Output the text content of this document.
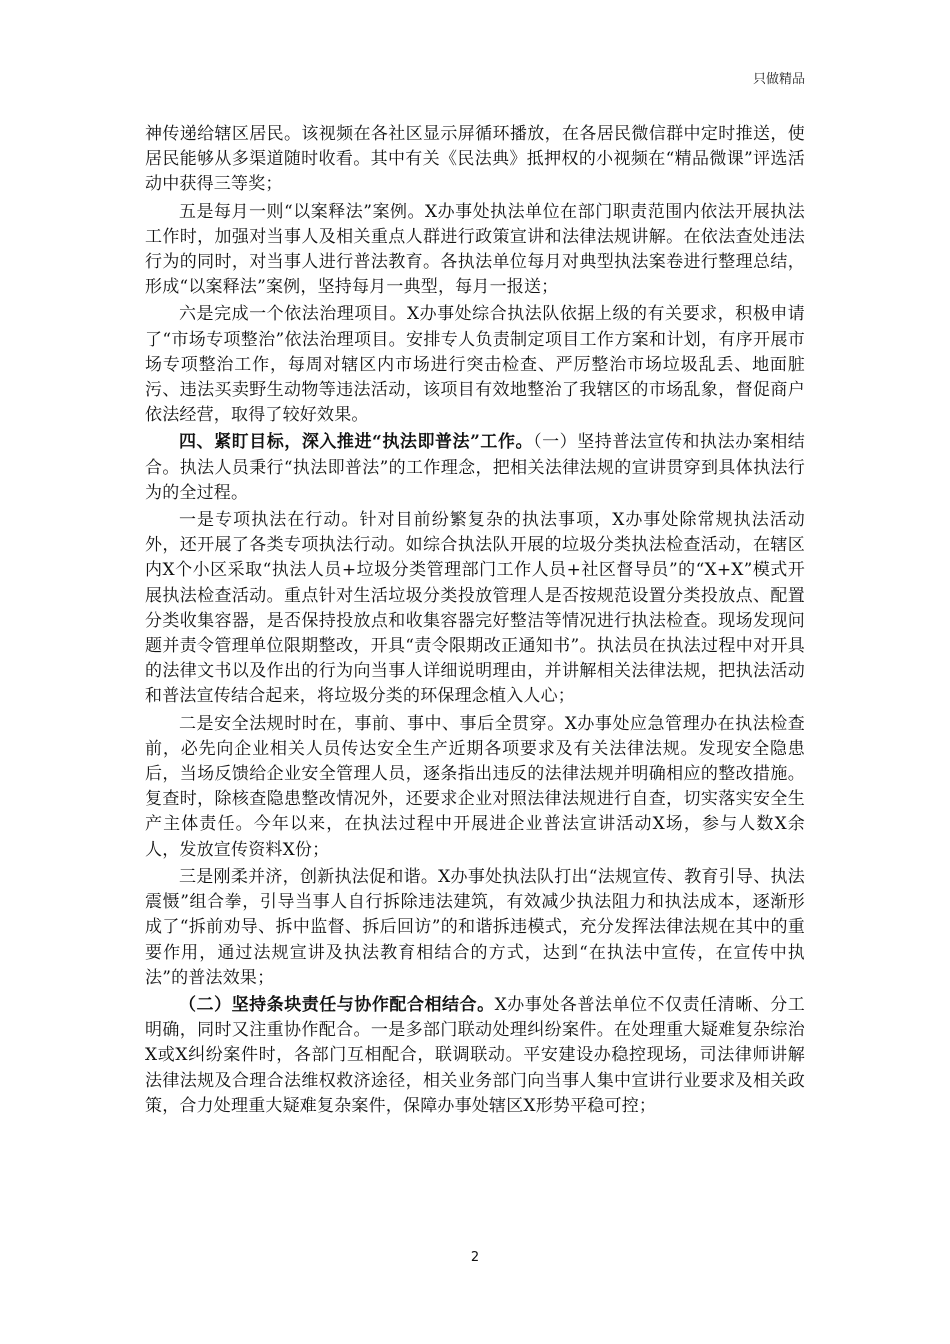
只做精品

神传递给辖区居民。该视频在各社区显示屏循环播放，在各居民微信群中定时推送，使居民能够从多渠道随时收看。其中有关《民法典》抵押权的小视频在“精品微课”评选活动中获得三等奖；

五是每月一则“以案释法”案例。X办事处执法单位在部门职责范围内依法开展执法工作时，加强对当事人及相关重点人群进行政策宣讲和法律法规讲解。在依法查处违法行为的同时，对当事人进行普法教育。各执法单位每月对典型执法案卷进行整理总结，形成“以案释法”案例，坚持每月一典型，每月一报送；

六是完成一个依法治理项目。X办事处综合执法队依据上级的有关要求，积极申请了“市场专项整治”依法治理项目。安排专人负责制定项目工作方案和计划，有序开展市场专项整治工作，每周对辖区内市场进行突击检查、严厉整治市场垃圾乱丢、地面脏污、违法买卖野生动物等违法活动，该项目有效地整治了我辖区的市场乱象，督促商户依法经营，取得了较好效果。

四、紧盯目标，深入推进“执法即普法”工作。（一）坚持普法宣传和执法办案相结合。执法人员秉行“执法即普法”的工作理念，把相关法律法规的宣讲贯穿到具体执法行为的全过程。

一是专项执法在行动。针对目前纷繁复杂的执法事项，X办事处除常规执法活动外，还开展了各类专项执法行动。如综合执法队开展的垃圾分类执法检查活动，在辖区内X个小区采取“执法人员+垃圾分类管理部门工作人员+社区督导员”的“X+X”模式开展执法检查活动。重点针对生活垃圾分类投放管理人是否按规范设置分类投放点、配置分类收集容器，是否保持投放点和收集容器完好整洁等情况进行执法检查。现场发现问题并责令管理单位限期整改，开具“责令限期改正通知书”。执法员在执法过程中对开具的法律文书以及作出的行为向当事人详细说明理由，并讲解相关法律法规，把执法活动和普法宣传结合起来，将垃圾分类的环保理念植入人心；

二是安全法规时时在，事前、事中、事后全贯穿。X办事处应急管理办在执法检查前，必先向企业相关人员传达安全生产近期各项要求及有关法律法规。发现安全隐患后，当场反馈给企业安全管理人员，逐条指出违反的法律法规并明确相应的整改措施。复查时，除核查隐患整改情况外，还要求企业对照法律法规进行自查，切实落实安全生产主体责任。今年以来，在执法过程中开展进企业普法宣讲活动X场，参与人数X余人，发放宣传资料X份；

三是刚柔并济，创新执法促和谐。X办事处执法队打出“法规宣传、教育引导、执法震慑”组合拳，引导当事人自行拆除违法建筑，有效减少执法阻力和执法成本，逐渐形成了“拆前劝导、拆中监督、拆后回访”的和谐拆违模式，充分发挥法律法规在其中的重要作用，通过法规宣讲及执法教育相结合的方式，达到“在执法中宣传，在宣传中执法”的普法效果；

（二）坚持条块责任与协作配合相结合。X办事处各普法单位不仅责任清晰、分工明确，同时又注重协作配合。一是多部门联动处理纠纷案件。在处理重大疑难复杂综治X或X纠纷案件时，各部门互相配合，联调联动。平安建设办稳控现场，司法律师讲解法律法规及合理合法维权救济途径，相关业务部门向当事人集中宣讲行业要求及相关政策，合力处理重大疑难复杂案件，保障办事处辖区X形势平稳可控；

2
